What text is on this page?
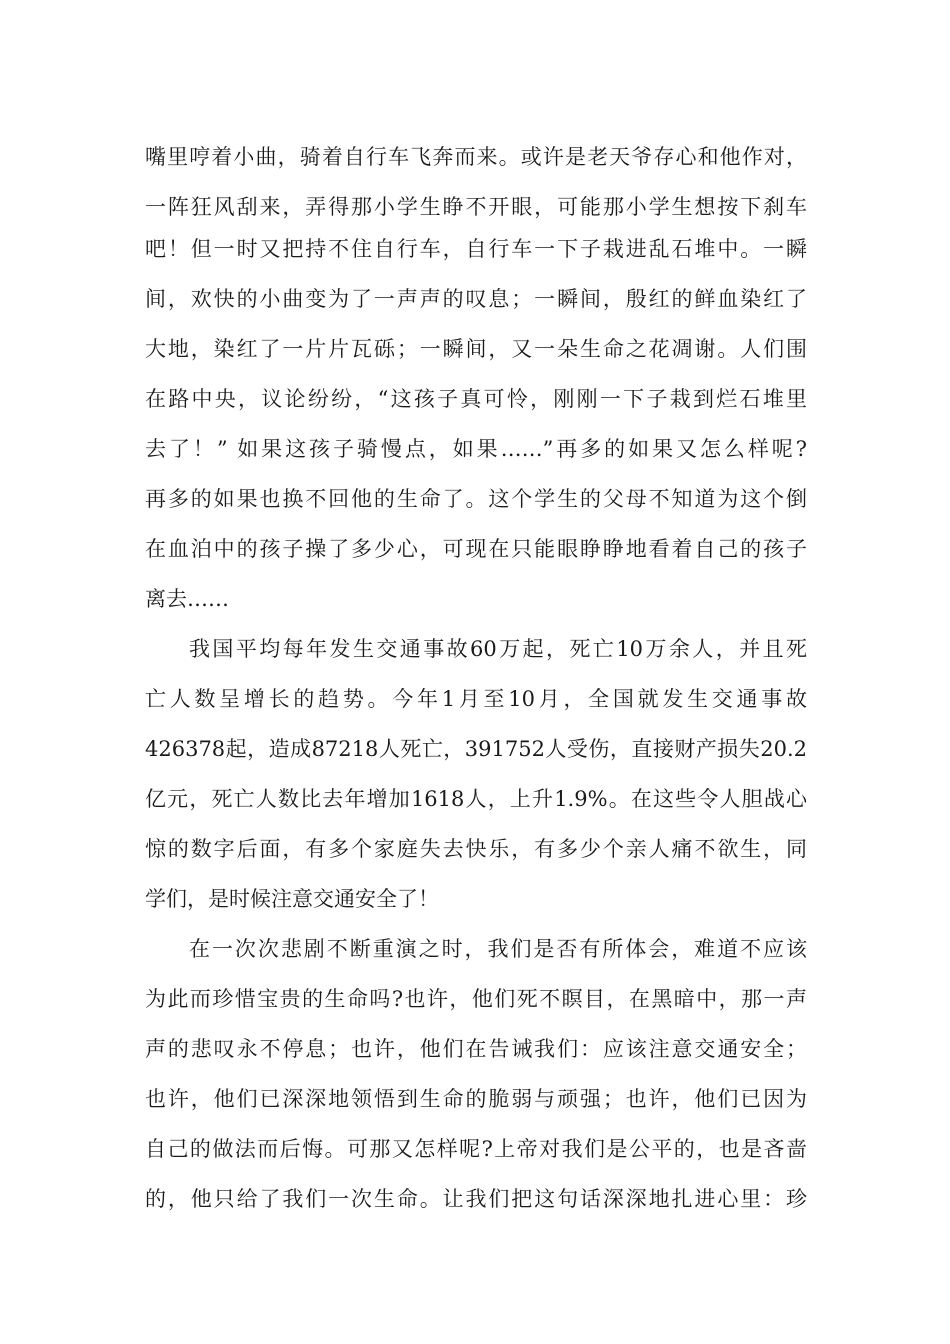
嘴里哼着小曲，骑着自行车飞奔而来。或许是老天爷存心和他作对，
一阵狂风刮来，弄得那小学生睁不开眼，可能那小学生想按下刹车
吧！但一时又把持不住自行车，自行车一下子栽进乱石堆中。一瞬
间，欢快的小曲变为了一声声的叹息；一瞬间，殷红的鲜血染红了
大地，染红了一片片瓦砾；一瞬间，又一朵生命之花凋谢。人们围
在路中央，议论纷纷，“这孩子真可怜，刚刚一下子栽到烂石堆里
去了！” 如果这孩子骑慢点，如果……”再多的如果又怎么样呢?
再多的如果也换不回他的生命了。这个学生的父母不知道为这个倒
在血泊中的孩子操了多少心，可现在只能眼睁睁地看着自己的孩子
离去……
我国平均每年发生交通事故60万起，死亡10万余人，并且死
亡人数呈增长的趋势。今年1月至10月，全国就发生交通事故
426378起，造成87218人死亡，391752人受伤，直接财产损失20.2
亿元，死亡人数比去年增加1618人，上升1.9%。在这些令人胆战心
惊的数字后面，有多个家庭失去快乐，有多少个亲人痛不欲生，同
学们，是时候注意交通安全了！
在一次次悲剧不断重演之时，我们是否有所体会，难道不应该
为此而珍惜宝贵的生命吗?也许，他们死不瞑目，在黑暗中，那一声
声的悲叹永不停息；也许，他们在告诫我们：应该注意交通安全；
也许，他们已深深地领悟到生命的脆弱与顽强；也许，他们已因为
自己的做法而后悔。可那又怎样呢?上帝对我们是公平的，也是吝啬
的，他只给了我们一次生命。让我们把这句话深深地扎进心里：珍
